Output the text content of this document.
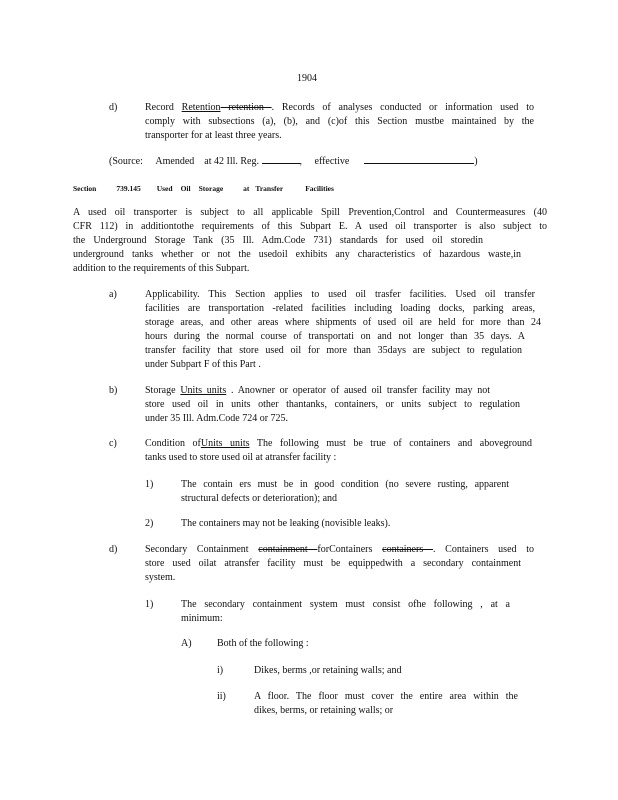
1904
d)	Record Retention retention . Records of analyses conducted or information used to
comply with subsections (a), (b), and (c)of this Section mustbe maintained by the
transporter for at least three years.
(Source: Amended at 42 Ill. Reg.	, effective	)
Section	739.145 Used Oil Storage	at Transfer	Facilities
A used oil transporter is subject to all applicable Spill Prevention,Control and Countermeasures (40
CFR 112) in additiontothe requirements of this Subpart E. A used oil transporter is also subject to
the Underground Storage Tank (35 Ill. Adm.Code 731) standards for used oil storedin
underground tanks whether or not the usedoil exhibits any characteristics of hazardous waste,in
addition to the requirements of this Subpart.
a)	Applicability. This Section applies to used oil trasfer facilities. Used oil transfer
facilities are transportation -related facilities including loading docks, parking areas,
storage areas, and other areas where shipments of used oil are held for more than 24
hours during the normal course of transportati on and not longer than 35 days. A
transfer facility that store used oil for more than 35days are subject to regulation
under Subpart F of this Part .
b)	Storage Units units . Anowner or operator of aused oil transfer facility may not
store used oil in units other thantanks, containers, or units subject to regulation
under 35 Ill. Adm.Code 724 or 725.
c)	Condition ofUnits units The following must be true of containers and aboveground
tanks used to store used oil at atransfer facility :
1)	The contain ers must be in good condition (no severe rusting, apparent
structural defects or deterioration); and
2)	The containers may not be leaking (novisible leaks).
d)	Secondary Containment containment forContainers containers . Containers used to
store used oilat atransfer facility must be equippedwith a secondary containment
system.
1)	The secondary containment system must consist ofhe following , at a
minimum:
A)	Both of the following :
i)	Dikes, berms ,or retaining walls; and
ii)	A floor. The floor must cover the entire area within the
dikes, berms, or retaining walls; or
